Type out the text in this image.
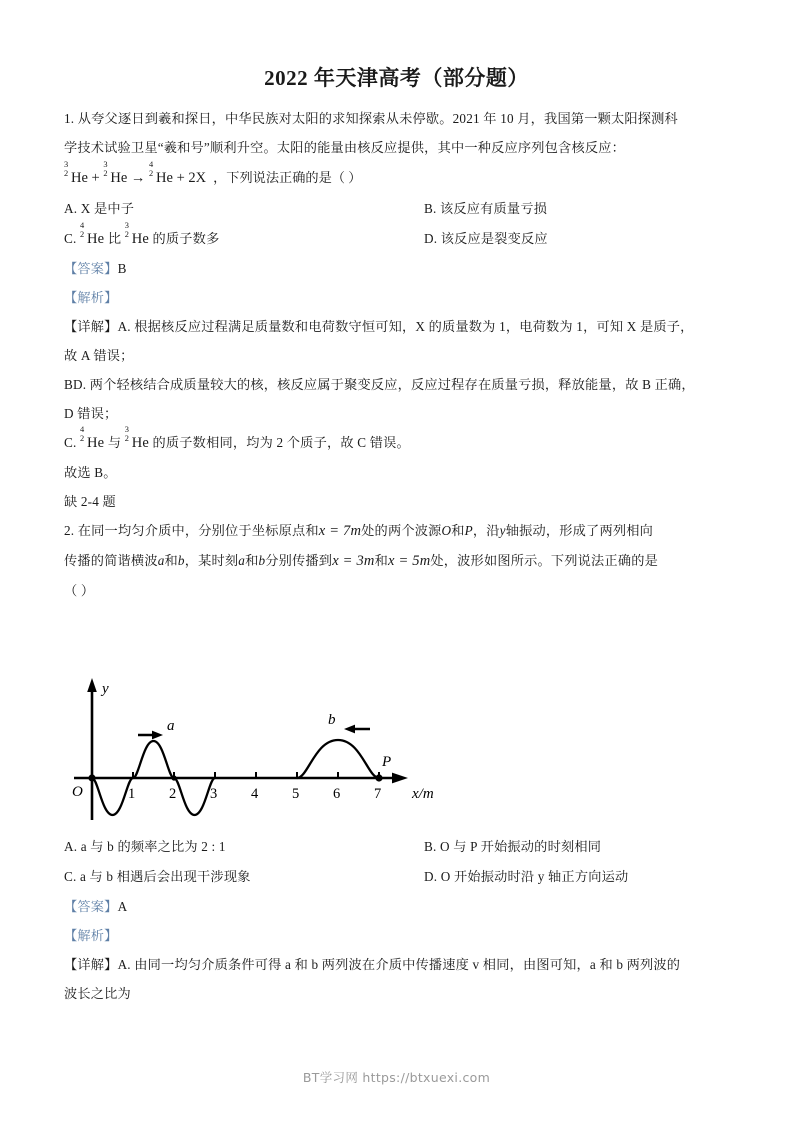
2022 年天津高考（部分题）

1. 从夸父逐日到羲和探日，中华民族对太阳的求知探索从未停歇。2021 年 10 月，我国第一颗太阳探测科

学技术试验卫星“羲和号”顺利升空。太阳的能量由核反应提供，其中一种反应序列包含核反应：

3
2 He +
3
2 He →
4
2 He + 2X ，下列说法正确的是（ ）
A. X 是中子	B. 该反应有质量亏损
C.
4
2 He 比
3
2 He 的质子数多	D. 该反应是裂变反应

【答案】B

【解析】

【详解】A. 根据核反应过程满足质量数和电荷数守恒可知，X 的质量数为 1，电荷数为 1，可知 X 是质子，

故 A 错误；

BD. 两个轻核结合成质量较大的核，核反应属于聚变反应，反应过程存在质量亏损，释放能量，故 B 正确，

D 错误；

C.
4
2 He 与
3
2 He 的质子数相同，均为 2 个质子，故 C 错误。

故选 B。

缺 2-4 题

2. 在同一均匀介质中，分别位于坐标原点和x = 7m处的两个波源O和P，沿y轴振动，形成了两列相向

传播的简谐横波a和b，某时刻a和b分别传播到x = 3m和x = 5m处，波形如图所示。下列说法正确的是

（ ）

O
y
x/m
P
a	b
1 2 3 4 5 6 7
A. a 与 b 的频率之比为 2 : 1	B. O 与 P 开始振动的时刻相同
C. a 与 b 相遇后会出现干涉现象	D. O 开始振动时沿 y 轴正方向运动

【答案】A

【解析】

【详解】A. 由同一均匀介质条件可得 a 和 b 两列波在介质中传播速度 v 相同，由图可知，a 和 b 两列波的

波长之比为

BT学习网 https://btxuexi.com
